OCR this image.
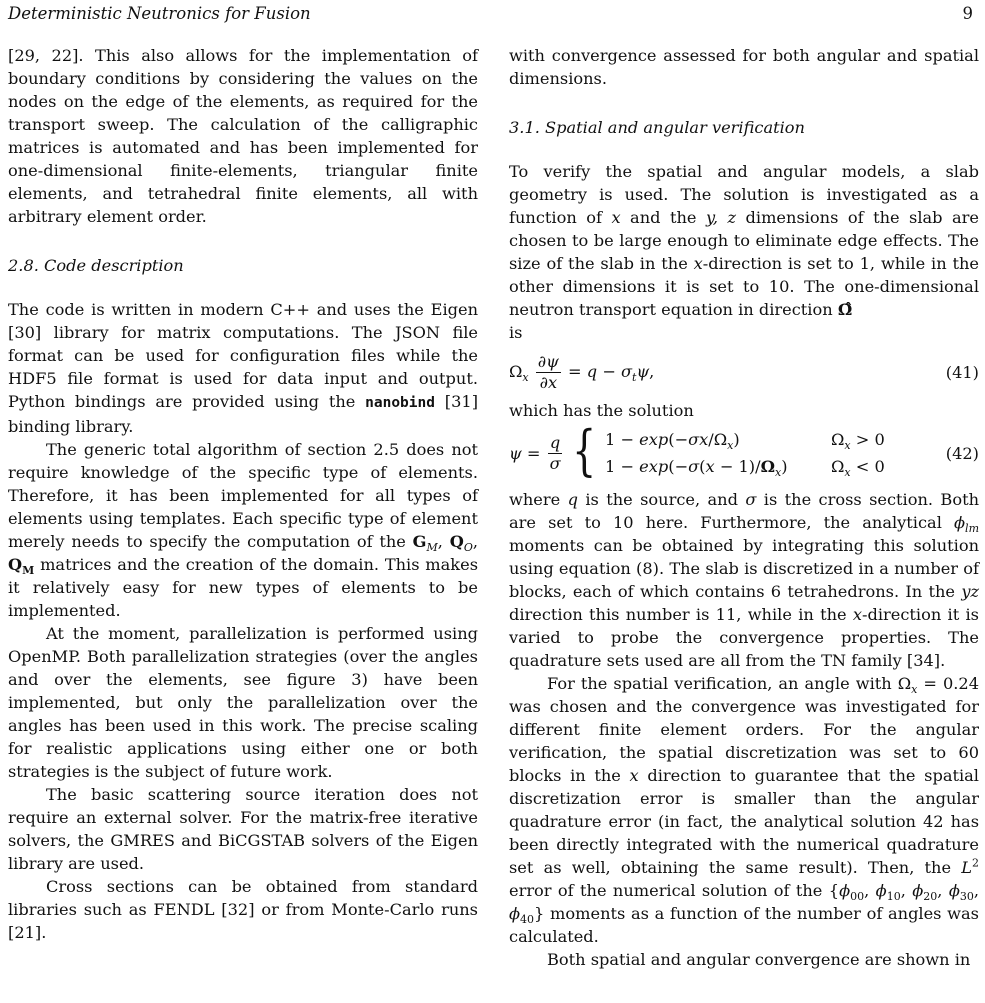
Deterministic Neutronics for Fusion	9

[29, 22]. This also allows for the implementation of boundary conditions by considering the values on the nodes on the edge of the elements, as required for the transport sweep. The calculation of the calligraphic matrices is automated and has been implemented for one-dimensional finite-elements, triangular finite elements, and tetrahedral finite elements, all with arbitrary element order.

2.8. Code description

The code is written in modern C++ and uses the Eigen [30] library for matrix computations. The JSON file format can be used for configuration files while the HDF5 file format is used for data input and output. Python bindings are provided using the nanobind [31] binding library.

The generic total algorithm of section 2.5 does not require knowledge of the specific type of elements. Therefore, it has been implemented for all types of elements using templates. Each specific type of element merely needs to specify the computation of the $G_M$, $Q_O$, $Q_M$ matrices and the creation of the domain. This makes it relatively easy for new types of elements to be implemented.

At the moment, parallelization is performed using OpenMP. Both parallelization strategies (over the angles and over the elements, see figure 3) have been implemented, but only the parallelization over the angles has been used in this work. The precise scaling for realistic applications using either one or both strategies is the subject of future work.

The basic scattering source iteration does not require an external solver. For the matrix-free iterative solvers, the GMRES and BiCGSTAB solvers of the Eigen library are used.

Cross sections can be obtained from standard libraries such as FENDL [32] or from Monte-Carlo runs [21].

with convergence assessed for both angular and spatial dimensions.

3.1. Spatial and angular verification

To verify the spatial and angular models, a slab geometry is used. The solution is investigated as a function of x and the y, z dimensions of the slab are chosen to be large enough to eliminate edge effects. The size of the slab in the x-direction is set to 1, while in the other dimensions it is set to 10. The one-dimensional neutron transport equation in direction Ω̂
is

$\Omega_x \frac{\partial\psi}{\partial x} = q - \sigma_t\psi$,	(41)

which has the solution

$\psi = \frac{q}{\sigma}$ { $1 - \exp(-\sigma x/\Omega_x)$	$\Omega_x > 0$
$1 - \exp(-\sigma(x - 1)/\Omega_x)$	$\Omega_x < 0$
(42)

where q is the source, and σ is the cross section. Both are set to 10 here. Furthermore, the analytical $\phi_{lm}$ moments can be obtained by integrating this solution using equation (8). The slab is discretized in a number of blocks, each of which contains 6 tetrahedrons. In the yz direction this number is 11, while in the x-direction it is varied to probe the convergence properties. The quadrature sets used are all from the TN family [34].

For the spatial verification, an angle with $\Omega_x = 0.24$ was chosen and the convergence was investigated for different finite element orders. For the angular verification, the spatial discretization was set to 60 blocks in the x direction to guarantee that the spatial discretization error is smaller than the angular quadrature error (in fact, the analytical solution 42 has been directly integrated with the numerical quadrature set as well, obtaining the same result). Then, the $L^2$ error of the numerical solution of the {$\phi_{00}$, $\phi_{10}$, $\phi_{20}$, $\phi_{30}$, $\phi_{40}$} moments as a function of the number of angles was calculated.

Both spatial and angular convergence are shown in
